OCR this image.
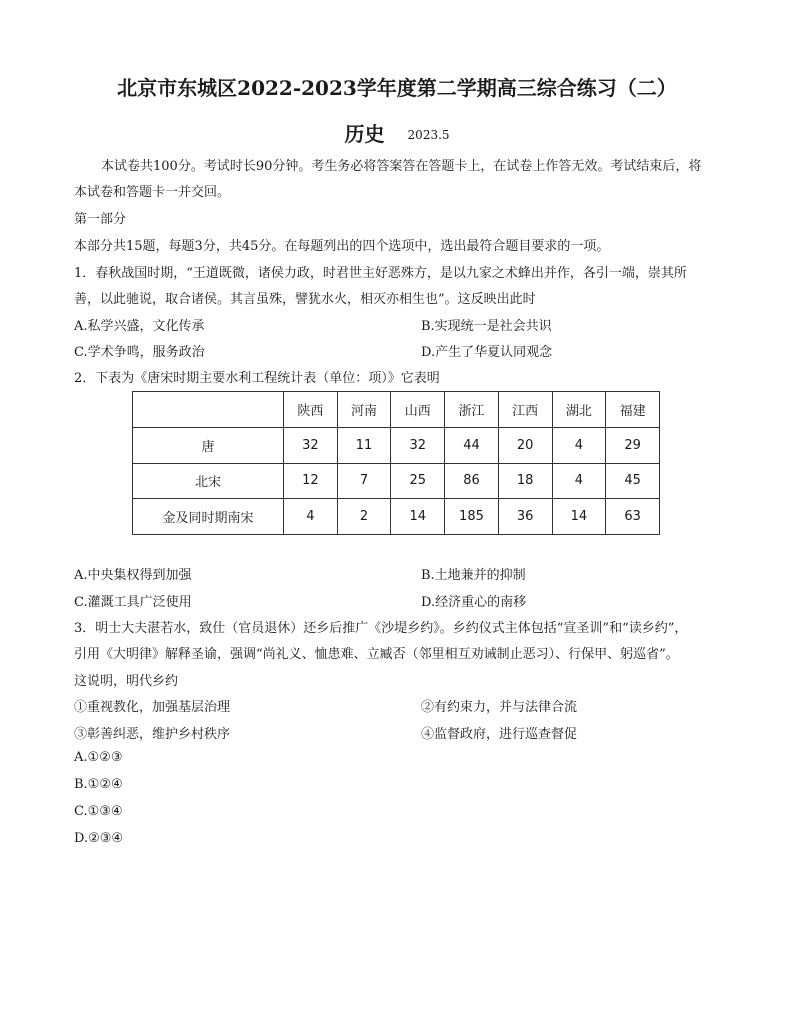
北京市东城区2022-2023学年度第二学期高三综合练习（二）
历史 2023.5
本试卷共100分。考试时长90分钟。考生务必将答案答在答题卡上，在试卷上作答无效。考试结束后，将
本试卷和答题卡一并交回。
第一部分
本部分共15题，每题3分，共45分。在每题列出的四个选项中，选出最符合题目要求的一项。
1．春秋战国时期，“王道既微，诸侯力政，时君世主好恶殊方，是以九家之术蜂出并作，各引一端，崇其所
善，以此驰说，取合诸侯。其言虽殊，譬犹水火，相灭亦相生也”。这反映出此时
A.私学兴盛，文化传承	B.实现统一是社会共识
C.学术争鸣，服务政治	D.产生了华夏认同观念
2．下表为《唐宋时期主要水利工程统计表（单位：项）》它表明
	陕西	河南	山西	浙江	江西	湖北	福建
唐	32	11	32	44	20	4	29
北宋	12	7	25	86	18	4	45
金及同时期南宋	4	2	14	185	36	14	63
A.中央集权得到加强	B.土地兼并的抑制
C.灌溉工具广泛使用	D.经济重心的南移
3．明士大夫湛若水，致仕（官员退休）还乡后推广《沙堤乡约》。乡约仪式主体包括“宣圣训”和“读乡约”，
引用《大明律》解释圣谕，强调“尚礼义、恤患难、立臧否（邻里相互劝诫制止恶习）、行保甲、躬巡省”。
这说明，明代乡约
①重视教化，加强基层治理	②有约束力，并与法律合流
③彰善纠恶，维护乡村秩序	④监督政府，进行巡查督促
A.①②③
B.①②④
C.①③④
D.②③④
